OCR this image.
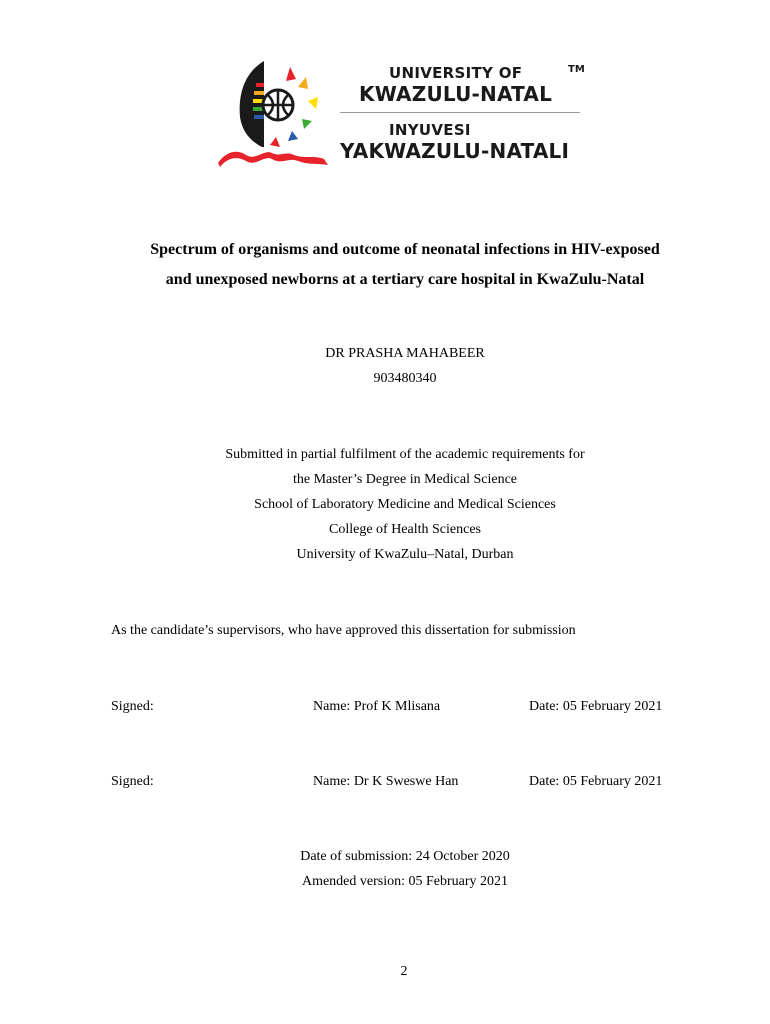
UNIVERSITY OF	TM
KWAZULU-NATAL
INYUVESI
YAKWAZULU-NATALI
Spectrum of organisms and outcome of neonatal infections in HIV-exposed
and unexposed newborns at a tertiary care hospital in KwaZulu-Natal
DR PRASHA MAHABEER
903480340
Submitted in partial fulfilment of the academic requirements for
the Master’s Degree in Medical Science
School of Laboratory Medicine and Medical Sciences
College of Health Sciences
University of KwaZulu–Natal, Durban
As the candidate’s supervisors, who have approved this dissertation for submission
Signed:	Name: Prof K Mlisana	Date: 05 February 2021
Signed:	Name: Dr K Sweswe Han	Date: 05 February 2021
Date of submission: 24 October 2020
Amended version: 05 February 2021
2
